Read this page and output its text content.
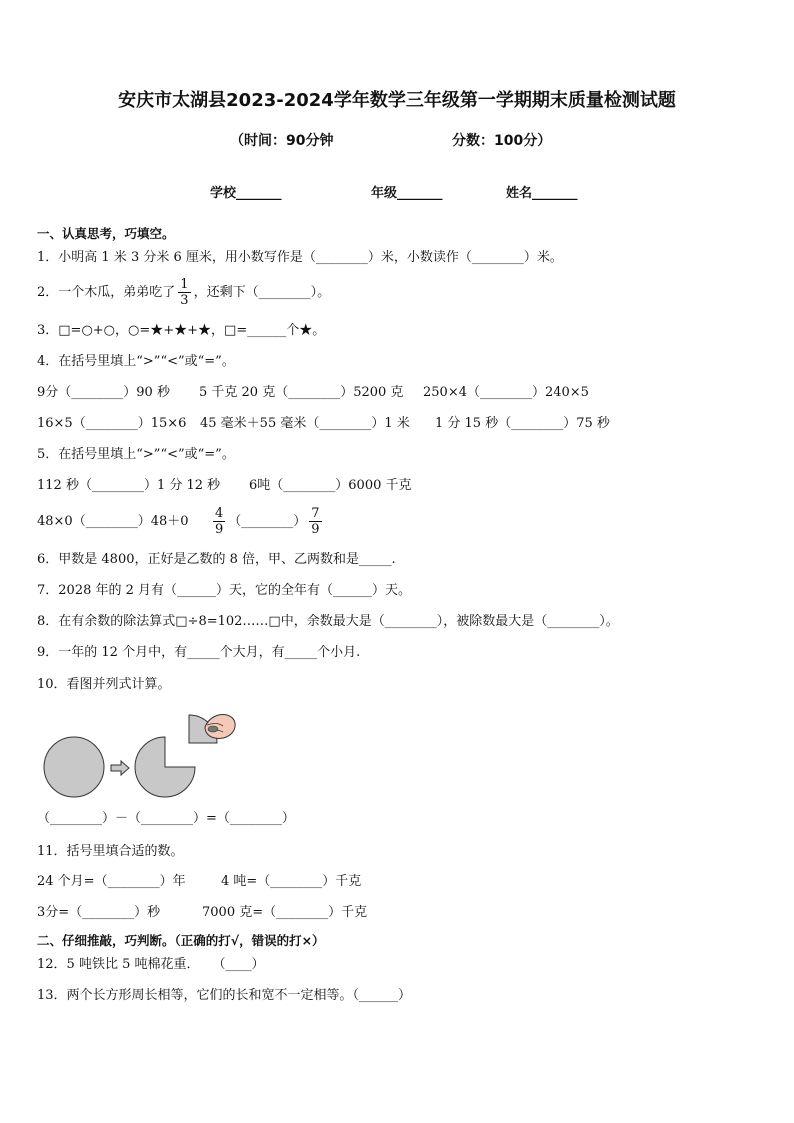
安庆市太湖县2023-2024学年数学三年级第一学期期末质量检测试题
（时间：90分钟	分数：100分）
学校_______	年级_______	姓名_______
一、认真思考，巧填空。
1．小明高 1 米 3 分米 6 厘米，用小数写作是（________）米，小数读作（________）米。
2．一个木瓜，弟弟吃了 $\frac{1}{3}$ ，还剩下（________）。
3．□=○+○，○=★+★+★，□=______个★。
4．在括号里填上“>”“<”或“=”。
9分（________）90 秒 5 千克 20 克（________）5200 克 250×4（________）240×5
16×5（________）15×6 45 毫米＋55 毫米（________）1 米 1 分 15 秒（________）75 秒
5．在括号里填上“>”“<”或“=”。
112 秒（________）1 分 12 秒 6吨（________）6000 千克
48×0（________）48＋0 $\frac{4}{9}$ （________） $\frac{7}{9}$
6．甲数是 4800，正好是乙数的 8 倍，甲、乙两数和是_____.
7．2028 年的 2 月有（______）天，它的全年有（______）天。
8．在有余数的除法算式□÷8=102……□中，余数最大是（________），被除数最大是（________）。
9．一年的 12 个月中，有_____个大月，有_____个小月.
10．看图并列式计算。
（________）－（________）=（________）
11．括号里填合适的数。
24 个月=（________）年	4 吨=（________）千克
3分=（________）秒	7000 克=（________）千克
二、仔细推敲，巧判断。（正确的打√，错误的打×）
12．5 吨铁比 5 吨棉花重．　　（____）
13．两个长方形周长相等，它们的长和宽不一定相等。（______）
